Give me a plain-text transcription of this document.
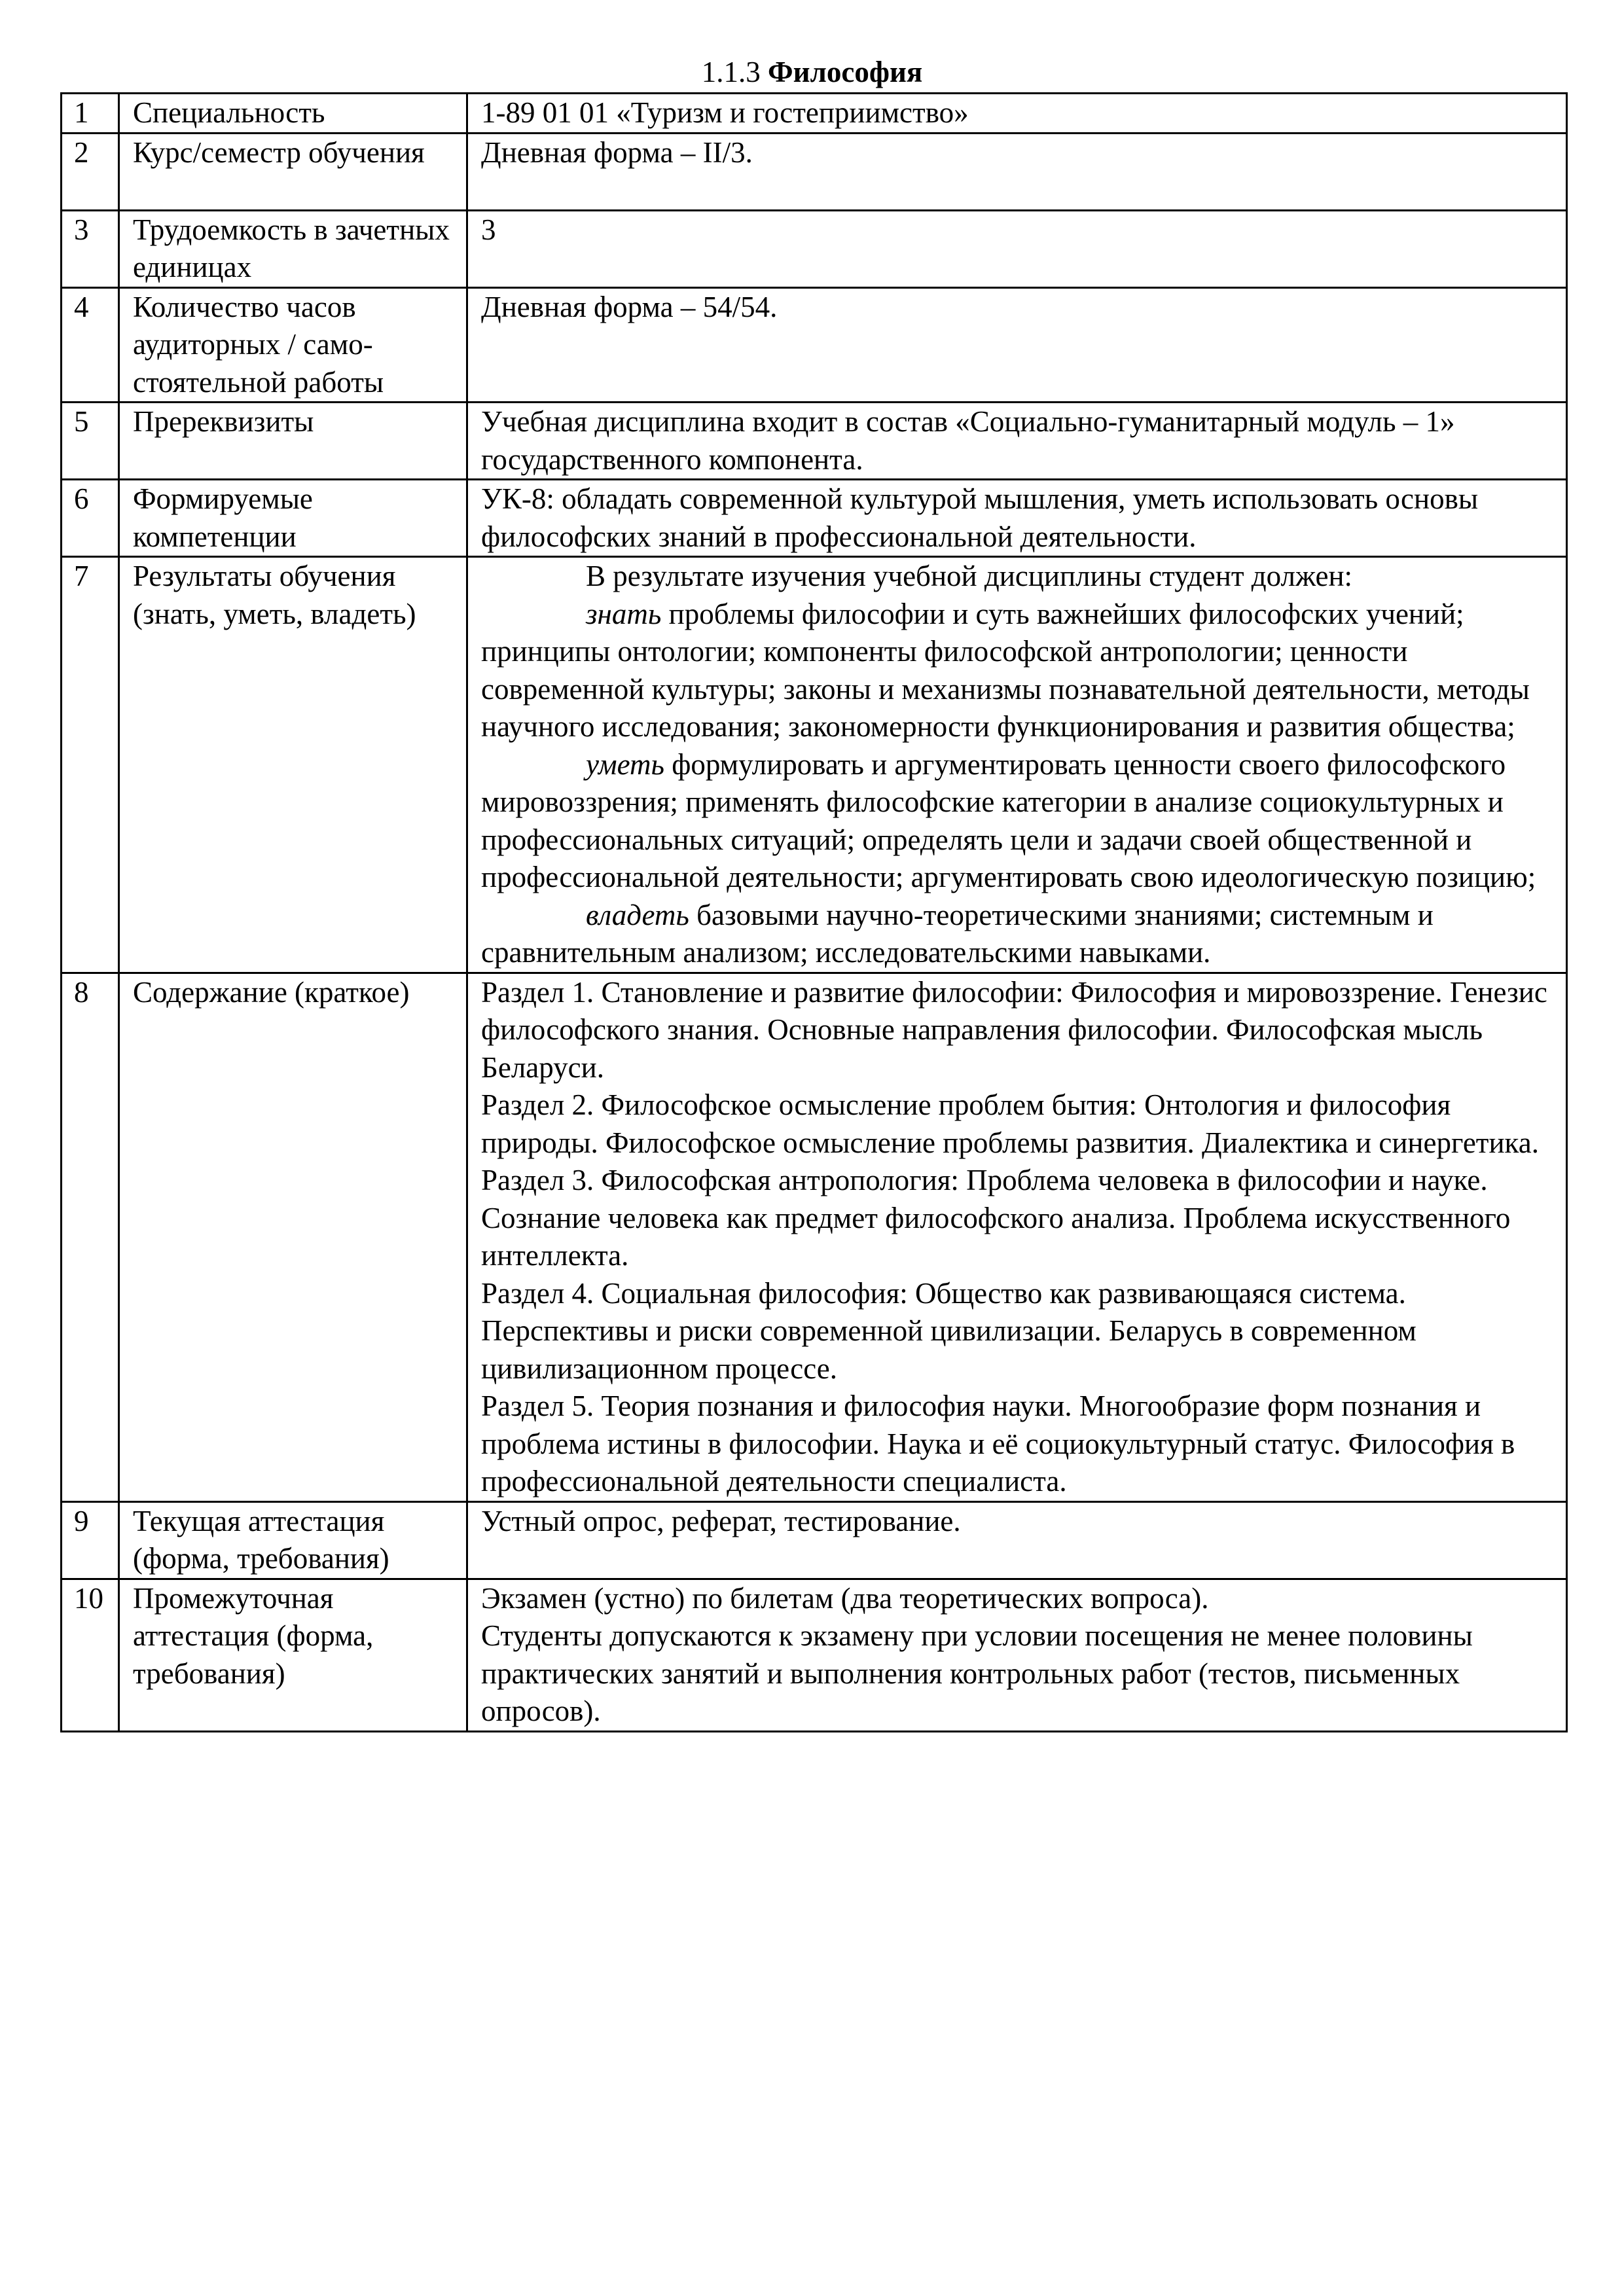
1.1.3 Философия
1	Специальность	1-89 01 01 «Туризм и гостеприимство»
2	Курс/семестр обучения	Дневная форма – II/3.
3	Трудоемкость в зачетных единицах	3
4	Количество часов аудиторных / само-стоятельной работы	Дневная форма – 54/54.
5	Пререквизиты	Учебная дисциплина входит в состав «Социально-гуманитарный модуль – 1» государственного компонента.
6	Формируемые компетенции	УК-8: обладать современной культурой мышления, уметь использовать основы философских знаний в профессиональной деятельности.
7	Результаты обучения (знать, уметь, владеть)	В результате изучения учебной дисциплины студент должен:

знать проблемы философии и суть важнейших философских учений; принципы онтологии; компоненты философской антропологии; ценности современной культуры; законы и механизмы познавательной деятельности, методы научного исследования; закономерности функционирования и развития общества;

уметь формулировать и аргументировать ценности своего философского мировоззрения; применять философские категории в анализе социокультурных и профессиональных ситуаций; определять цели и задачи своей общественной и профессиональной деятельности; аргументировать свою идеологическую позицию;

владеть базовыми научно-теоретическими знаниями; системным и сравнительным анализом; исследовательскими навыками.

8	Содержание (краткое)	Раздел 1. Становление и развитие философии: Философия и мировоззрение. Генезис философского знания. Основные направления философии. Философская мысль Беларуси.

Раздел 2. Философское осмысление проблем бытия: Онтология и философия природы. Философское осмысление проблемы развития. Диалектика и синергетика.

Раздел 3. Философская антропология: Проблема человека в философии и науке. Сознание человека как предмет философского анализа. Проблема искусственного интеллекта.

Раздел 4. Социальная философия: Общество как развивающаяся система. Перспективы и риски современной цивилизации. Беларусь в современном цивилизационном процессе.

Раздел 5. Теория познания и философия науки. Многообразие форм познания и проблема истины в философии. Наука и её социокультурный статус. Философия в профессиональной деятельности специалиста.

9	Текущая аттестация (форма, требования)	Устный опрос, реферат, тестирование.
10	Промежуточная аттестация (форма, требования)	Экзамен (устно) по билетам (два теоретических вопроса).

Студенты допускаются к экзамену при условии посещения не менее половины практических занятий и выполнения контрольных работ (тестов, письменных опросов).
